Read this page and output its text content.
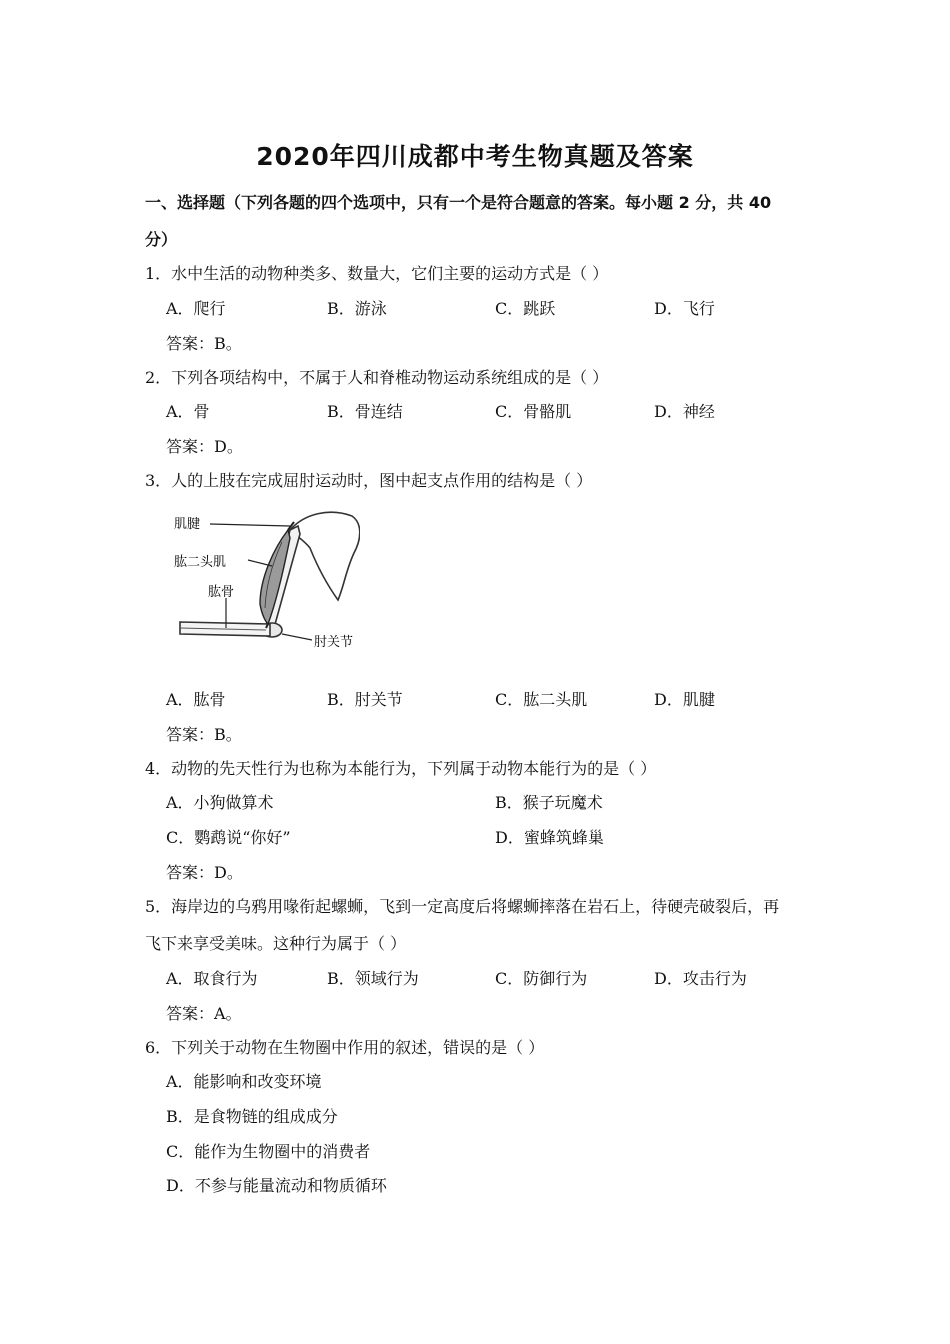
2020年四川成都中考生物真题及答案
一、选择题（下列各题的四个选项中，只有一个是符合题意的答案。每小题 2 分，共 40
分）
1．水中生活的动物种类多、数量大，它们主要的运动方式是（ ）
A．爬行	B．游泳	C．跳跃	D．飞行
答案：B。
2．下列各项结构中，不属于人和脊椎动物运动系统组成的是（ ）
A．骨	B．骨连结	C．骨骼肌	D．神经
答案：D。
3．人的上肢在完成屈肘运动时，图中起支点作用的结构是（ ）
肌腱
肱二头肌
肱骨
肘关节
A．肱骨	B．肘关节	C．肱二头肌	D．肌腱
答案：B。
4．动物的先天性行为也称为本能行为，下列属于动物本能行为的是（ ）
A．小狗做算术	B．猴子玩魔术
C．鹦鹉说“你好”	D．蜜蜂筑蜂巢
答案：D。
5．海岸边的乌鸦用喙衔起螺蛳，飞到一定高度后将螺蛳摔落在岩石上，待硬壳破裂后，再
飞下来享受美味。这种行为属于（ ）
A．取食行为	B．领域行为	C．防御行为	D．攻击行为
答案：A。
6．下列关于动物在生物圈中作用的叙述，错误的是（ ）
A．能影响和改变环境
B．是食物链的组成成分
C．能作为生物圈中的消费者
D．不参与能量流动和物质循环
